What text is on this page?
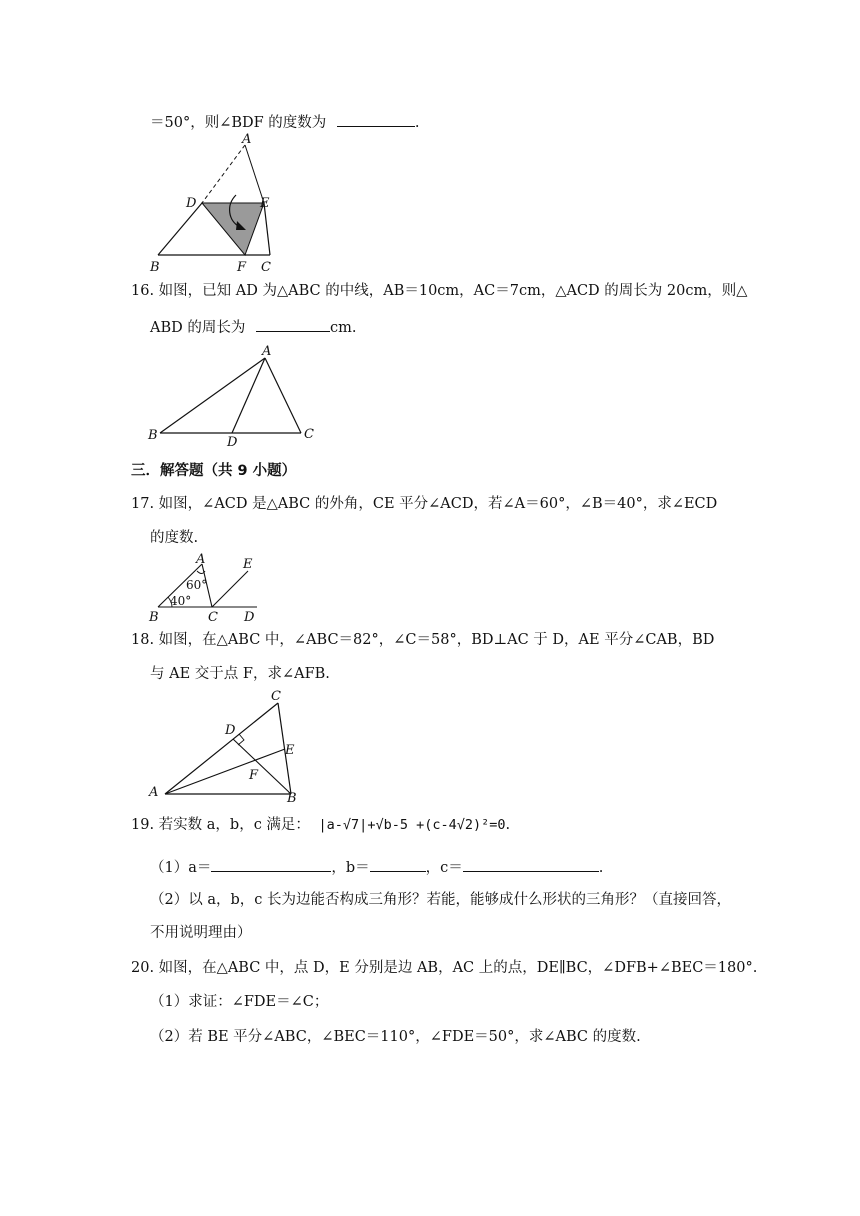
＝50°，则∠BDF 的度数为	.
A
D	E
B	F C
16. 如图，已知 AD 为△ABC 的中线，AB＝10cm，AC＝7cm，△ACD 的周长为 20cm，则△
ABD 的周长为	cm.
A
B	D
C
三．解答题（共 9 小题）
17. 如图，∠ACD 是△ABC 的外角，CE 平分∠ACD，若∠A＝60°，∠B＝40°，求∠ECD
的度数.
A	E
60°
40°
B	C D
18. 如图，在△ABC 中，∠ABC＝82°，∠C＝58°，BD⊥AC 于 D，AE 平分∠CAB，BD
与 AE 交于点 F，求∠AFB.
C
D
E
F
A	B
19. 若实数 a，b，c 满足： |a-√7|+√b-5 +(c-4√2)²=0.
（1）a＝	，b＝	，c＝	.
（2）以 a，b，c 长为边能否构成三角形？若能，能够成什么形状的三角形？（直接回答，
不用说明理由）
20. 如图，在△ABC 中，点 D，E 分别是边 AB，AC 上的点，DE∥BC，∠DFB+∠BEC＝180°.
（1）求证：∠FDE＝∠C；
（2）若 BE 平分∠ABC，∠BEC＝110°，∠FDE＝50°，求∠ABC 的度数.
